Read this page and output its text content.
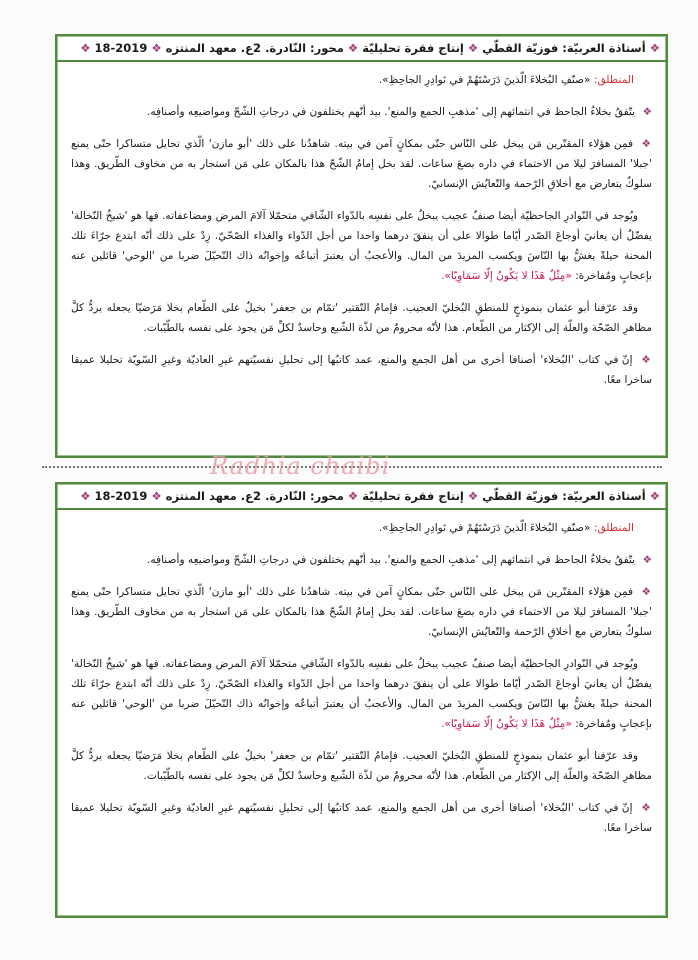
❖
أستاذة العربيّة: فوزيّة القطّي

❖
إنتاج فقرة تحليليّة

❖
محور: النّادرة. 2ع. معهد المنتزه

❖
18-2019

❖

المنطلق: «صنّفِ البُخلاءَ الّذينَ دَرَسْتَهُمْ في نَوادِرِ الجاحِظِ».

❖ يتّفقُ بخلاءُ الجاحظ في انتمائهم إلى 'مذهبِ الجمع والمنع'. بيد أنّهم يختلفون في درجاتِ الشّحّ ومواضيعِه وأصنافِه.

❖ فمِن هؤلاء المقتّرين مَن يبخل على النّاس حتّى بمكانٍ آمن في بيته. شاهدُنا على ذلك 'أبو مازن' الّذي تحايل متساكرا حتّى يمنع 'جبلا' المسافرَ ليلا من الاحتماء في داره بضعَ ساعات. لقد بخل إمامُ الشّحّ هذا بالمكان على مَن استجار به من مخاوف الطّريق. وهذا سلوكٌ يتعارض مع أخلاقِ الرّحمة والتّعايُش الإنسانيّ.

ويُوجد في النّوادرِ الجاحظيّة أيضا صنفٌ عجيب يبخلُ على نفسِه بالدّواء الشّافي متحمّلا آلامَ المرض ومضاعفاته. فها هو 'شيخُ النّخالة' يفضّلُ أن يعانيَ أوجاعَ الصّدر أيّاما طوالا على أن ينفقَ درهما واحدا من أجل الدّواء والغذاء الصّحّيّ. زِدْ على ذلك أنّه ابتدع جرّاءَ تلك المحنة حيلةً يغشُّ بها النّاسَ ويكسب المزيدَ من المال. والأعجبُ أن يعتبرَ أتباعُه وإخوانُه ذاك التّحيّلَ ضربا من 'الوحي' قائلين عنه بإعجابٍ ومُفاخرة: «مِثْلُ هَذَا لا يَكُونُ إلّا سَمَاوِيّا».

وقد عرّفنا أبو عثمان بنموذجٍ للمنطقِ البُخليّ العجيب. فإمامُ التّقتير 'تمّام بن جعفر' بخيلٌ على الطّعام بخلا مَرَضيّا يجعله يردُّ كلَّ مظاهرِ الصّحّة والعلّة إلى الإكثار من الطّعام. هذا لأنّه محرومٌ من لذّة الشّبع وحاسدٌ لكلِّ مَن يجود على نفسه بالطّيّبات.

❖ إنّ في كتاب 'البُخلاء' أصنافا أخرى من أهل الجمع والمنع، عمد كاتبُها إلى تحليلِ نفسيّتهم غيرِ العاديّة وغيرِ السّويّة تحليلا عميقا ساخرا معًا.

❖
أستاذة العربيّة: فوزيّة القطّي

❖
إنتاج فقرة تحليليّة

❖
محور: النّادرة. 2ع. معهد المنتزه

❖
18-2019

❖

المنطلق: «صنّفِ البُخلاءَ الّذينَ دَرَسْتَهُمْ في نَوادِرِ الجاحِظِ».

❖ يتّفقُ بخلاءُ الجاحظ في انتمائهم إلى 'مذهبِ الجمع والمنع'. بيد أنّهم يختلفون في درجاتِ الشّحّ ومواضيعِه وأصنافِه.

❖ فمِن هؤلاء المقتّرين مَن يبخل على النّاس حتّى بمكانٍ آمن في بيته. شاهدُنا على ذلك 'أبو مازن' الّذي تحايل متساكرا حتّى يمنع 'جبلا' المسافرَ ليلا من الاحتماء في داره بضعَ ساعات. لقد بخل إمامُ الشّحّ هذا بالمكان على مَن استجار به من مخاوف الطّريق. وهذا سلوكٌ يتعارض مع أخلاقِ الرّحمة والتّعايُش الإنسانيّ.

ويُوجد في النّوادرِ الجاحظيّة أيضا صنفٌ عجيب يبخلُ على نفسِه بالدّواء الشّافي متحمّلا آلامَ المرض ومضاعفاته. فها هو 'شيخُ النّخالة' يفضّلُ أن يعانيَ أوجاعَ الصّدر أيّاما طوالا على أن ينفقَ درهما واحدا من أجل الدّواء والغذاء الصّحّيّ. زِدْ على ذلك أنّه ابتدع جرّاءَ تلك المحنة حيلةً يغشُّ بها النّاسَ ويكسب المزيدَ من المال. والأعجبُ أن يعتبرَ أتباعُه وإخوانُه ذاك التّحيّلَ ضربا من 'الوحي' قائلين عنه بإعجابٍ ومُفاخرة: «مِثْلُ هَذَا لا يَكُونُ إلّا سَمَاوِيّا».

وقد عرّفنا أبو عثمان بنموذجٍ للمنطقِ البُخليّ العجيب. فإمامُ التّقتير 'تمّام بن جعفر' بخيلٌ على الطّعام بخلا مَرَضيّا يجعله يردُّ كلَّ مظاهرِ الصّحّة والعلّة إلى الإكثار من الطّعام. هذا لأنّه محرومٌ من لذّة الشّبع وحاسدٌ لكلِّ مَن يجود على نفسه بالطّيّبات.

❖ إنّ في كتاب 'البُخلاء' أصنافا أخرى من أهل الجمع والمنع، عمد كاتبُها إلى تحليلِ نفسيّتهم غيرِ العاديّة وغيرِ السّويّة تحليلا عميقا ساخرا معًا.

Radhia chaibi
